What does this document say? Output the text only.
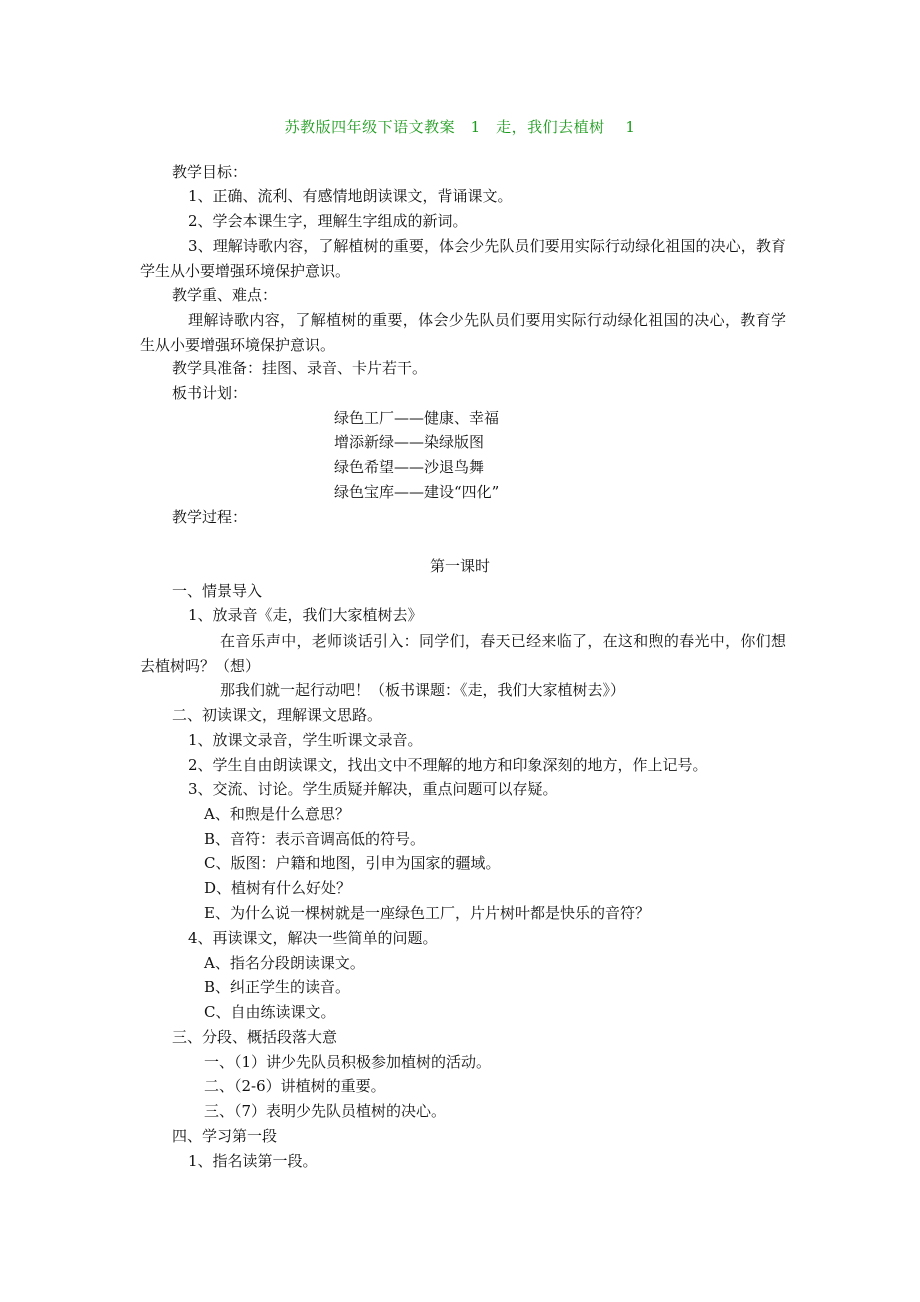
苏教版四年级下语文教案　1　走，我们去植树　 1
教学目标：
1、正确、流利、有感情地朗读课文，背诵课文。
2、学会本课生字，理解生字组成的新词。
3、理解诗歌内容，了解植树的重要，体会少先队员们要用实际行动绿化祖国的决心，教育学生从小要增强环境保护意识。
教学重、难点：
理解诗歌内容，了解植树的重要，体会少先队员们要用实际行动绿化祖国的决心，教育学生从小要增强环境保护意识。
教学具准备：挂图、录音、卡片若干。
板书计划：
绿色工厂——健康、幸福
增添新绿——染绿版图
绿色希望——沙退鸟舞
绿色宝库——建设“四化”
教学过程：
第一课时
一、情景导入
1、放录音《走，我们大家植树去》
在音乐声中，老师谈话引入：同学们，春天已经来临了，在这和煦的春光中，你们想去植树吗？（想）
那我们就一起行动吧！（板书课题：《走，我们大家植树去》）
二、初读课文，理解课文思路。
1、放课文录音，学生听课文录音。
2、学生自由朗读课文，找出文中不理解的地方和印象深刻的地方，作上记号。
3、交流、讨论。学生质疑并解决，重点问题可以存疑。
A、和煦是什么意思？
B、音符：表示音调高低的符号。
C、版图：户籍和地图，引申为国家的疆域。
D、植树有什么好处？
E、为什么说一棵树就是一座绿色工厂，片片树叶都是快乐的音符？
4、再读课文，解决一些简单的问题。
A、指名分段朗读课文。
B、纠正学生的读音。
C、自由练读课文。
三、分段、概括段落大意
一、（1）讲少先队员积极参加植树的活动。
二、（2-6）讲植树的重要。
三、（7）表明少先队员植树的决心。
四、学习第一段
1、指名读第一段。
